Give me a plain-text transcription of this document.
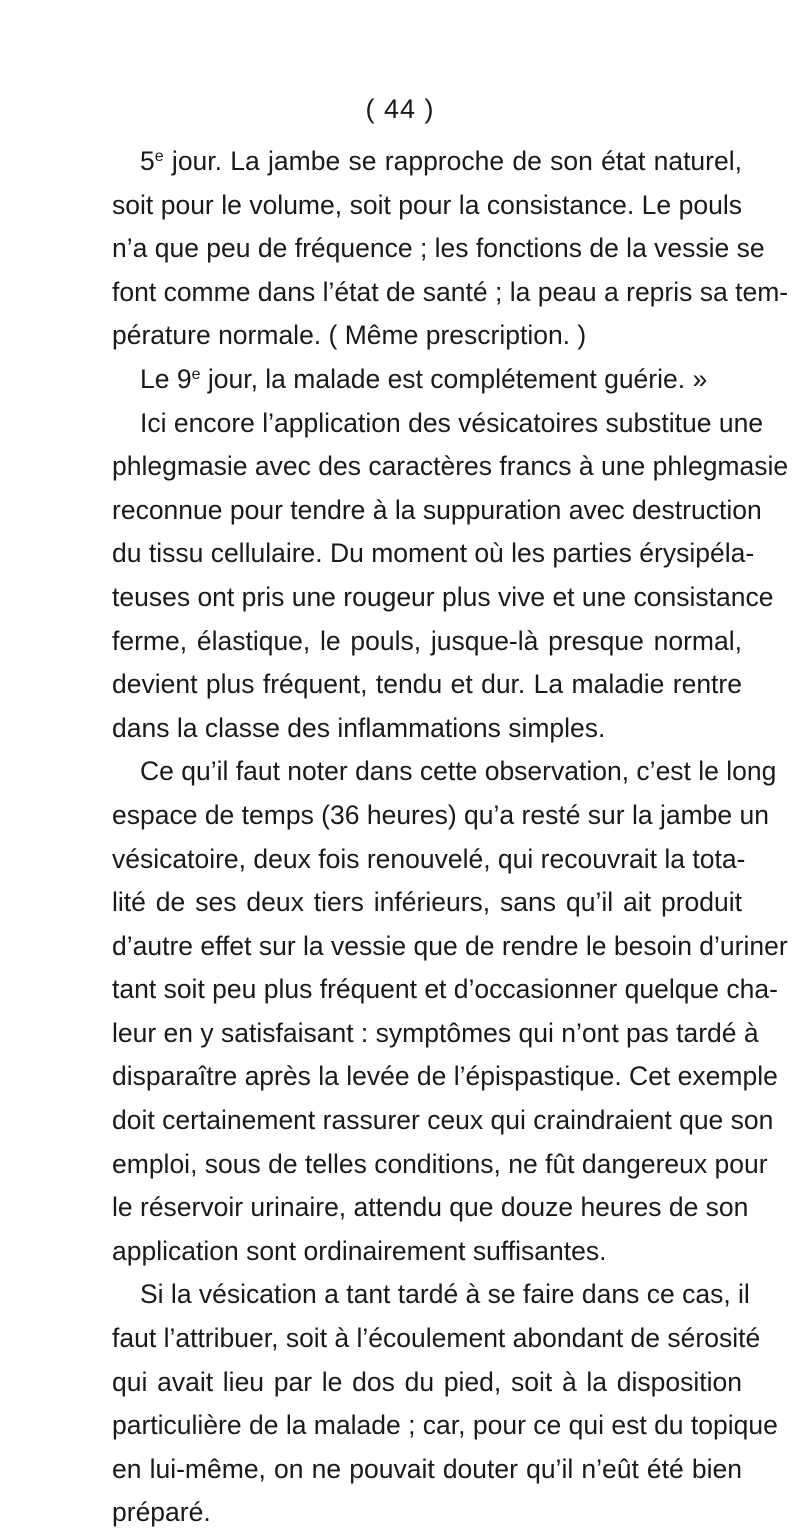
( 44 )
5e jour. La jambe se rapproche de son état naturel,
soit pour le volume, soit pour la consistance. Le pouls
n’a que peu de fréquence ; les fonctions de la vessie se
font comme dans l’état de santé ; la peau a repris sa tem-
pérature normale. ( Même prescription. )
Le 9e jour, la malade est complétement guérie. »
Ici encore l’application des vésicatoires substitue une
phlegmasie avec des caractères francs à une phlegmasie
reconnue pour tendre à la suppuration avec destruction
du tissu cellulaire. Du moment où les parties érysipéla-
teuses ont pris une rougeur plus vive et une consistance
ferme, élastique, le pouls, jusque-là presque normal,
devient plus fréquent, tendu et dur. La maladie rentre
dans la classe des inflammations simples.
Ce qu’il faut noter dans cette observation, c’est le long
espace de temps (36 heures) qu’a resté sur la jambe un
vésicatoire, deux fois renouvelé, qui recouvrait la tota-
lité de ses deux tiers inférieurs, sans qu’il ait produit
d’autre effet sur la vessie que de rendre le besoin d’uriner
tant soit peu plus fréquent et d’occasionner quelque cha-
leur en y satisfaisant : symptômes qui n’ont pas tardé à
disparaître après la levée de l’épispastique. Cet exemple
doit certainement rassurer ceux qui craindraient que son
emploi, sous de telles conditions, ne fût dangereux pour
le réservoir urinaire, attendu que douze heures de son
application sont ordinairement suffisantes.
Si la vésication a tant tardé à se faire dans ce cas, il
faut l’attribuer, soit à l’écoulement abondant de sérosité
qui avait lieu par le dos du pied, soit à la disposition
particulière de la malade ; car, pour ce qui est du topique
en lui-même, on ne pouvait douter qu’il n’eût été bien
préparé.
